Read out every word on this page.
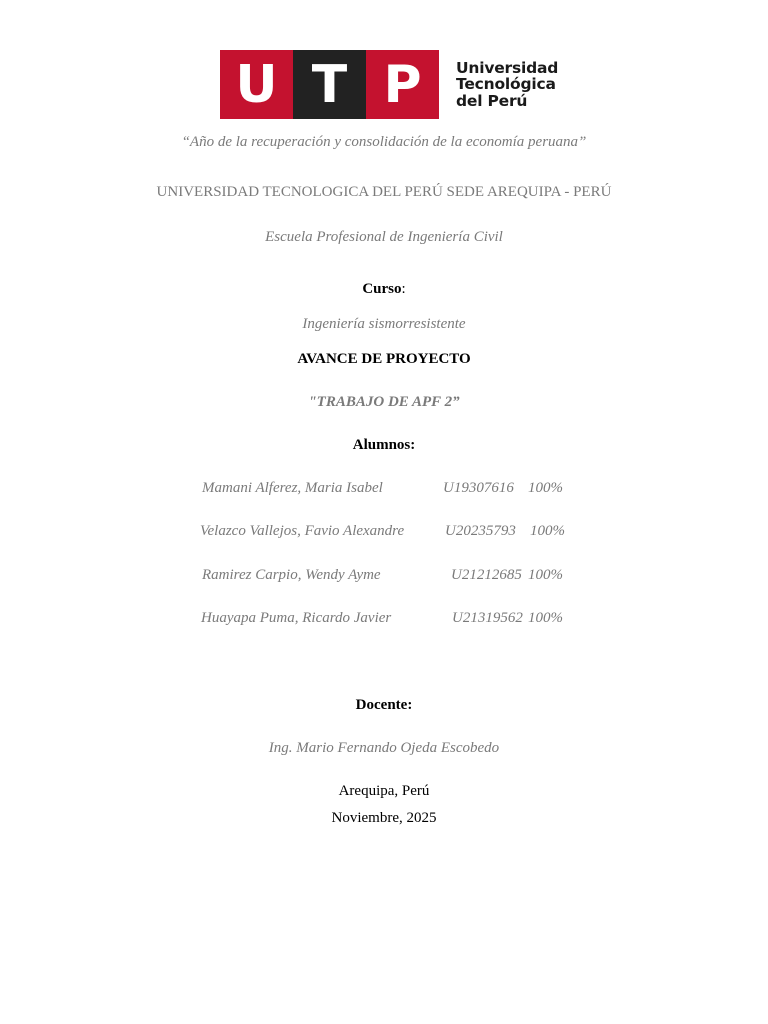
U T P	Universidad
Tecnológica
del Perú
“Año de la recuperación y consolidación de la economía peruana”
UNIVERSIDAD TECNOLOGICA DEL PERÚ SEDE AREQUIPA - PERÚ
Escuela Profesional de Ingeniería Civil
Curso:
Ingeniería sismorresistente
AVANCE DE PROYECTO
"TRABAJO DE APF 2”
Alumnos:
Mamani Alferez, Maria Isabel	U19307616 100%
Velazco Vallejos, Favio Alexandre	U20235793 100%
Ramirez Carpio, Wendy Ayme	U21212685 100%
Huayapa Puma, Ricardo Javier	U21319562 100%
Docente:
Ing. Mario Fernando Ojeda Escobedo
Arequipa, Perú
Noviembre, 2025
